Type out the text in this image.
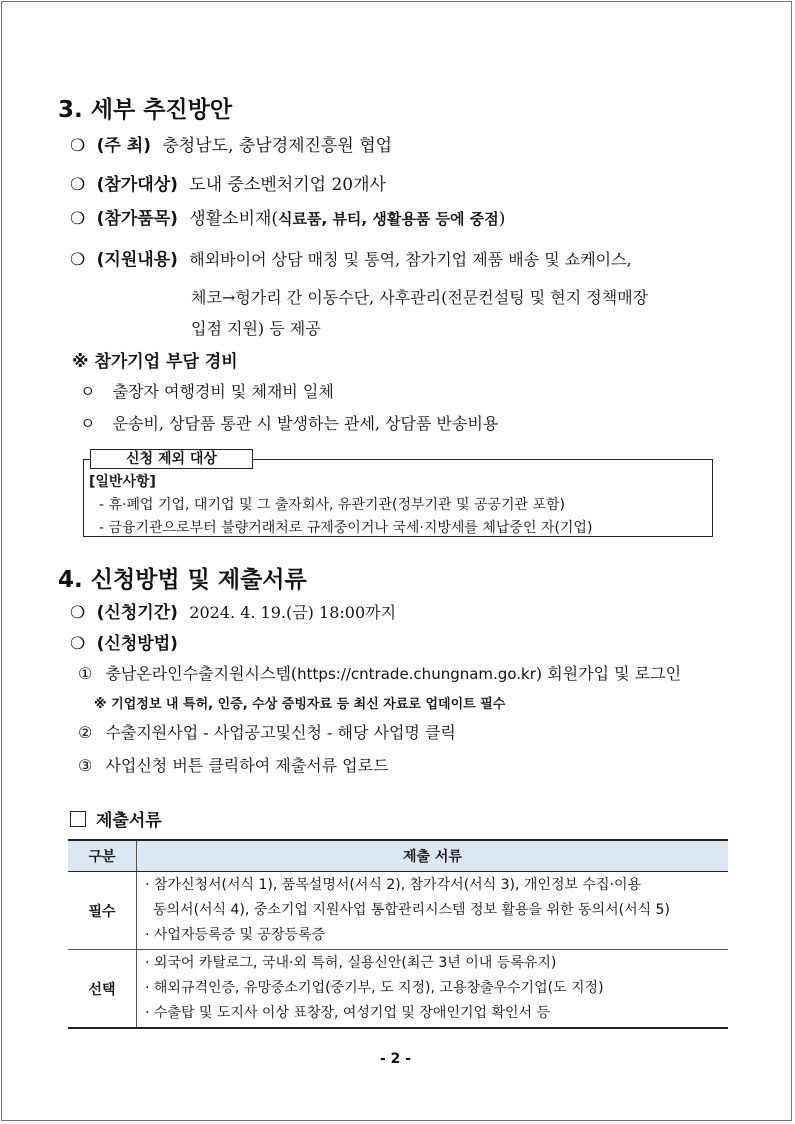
3. 세부 추진방안
❍ (주 최) 충청남도, 충남경제진흥원 협업
❍ (참가대상) 도내 중소벤처기업 20개사
❍ (참가품목) 생활소비재(식료품, 뷰티, 생활용품 등에 중점)
❍ (지원내용) 해외바이어 상담 매칭 및 통역, 참가기업 제품 배송 및 쇼케이스,
체코→헝가리 간 이동수단, 사후관리(전문컨설팅 및 현지 정책매장
입점 지원) 등 제공
※ 참가기업 부담 경비
ㅇ 출장자 여행경비 및 체재비 일체
ㅇ 운송비, 상담품 통관 시 발생하는 관세, 상담품 반송비용
신청 제외 대상
[일반사항]
- 휴·폐업 기업, 대기업 및 그 출자회사, 유관기관(정부기관 및 공공기관 포함)
- 금융기관으로부터 불량거래처로 규제중이거나 국세·지방세를 체납중인 자(기업)
4. 신청방법 및 제출서류
❍ (신청기간) 2024. 4. 19.(금) 18:00까지
❍ (신청방법)
① 충남온라인수출지원시스템(https://cntrade.chungnam.go.kr) 회원가입 및 로그인
※ 기업정보 내 특허, 인증, 수상 증빙자료 등 최신 자료로 업데이트 필수
② 수출지원사업 - 사업공고및신청 - 해당 사업명 클릭
③ 사업신청 버튼 클릭하여 제출서류 업로드
제출서류
구분	제출 서류
필수	· 참가신청서(서식 1), 품목설명서(서식 2), 참가각서(서식 3), 개인정보 수집·이용
동의서(서식 4), 중소기업 지원사업 통합관리시스템 정보 활용을 위한 동의서(서식 5)
· 사업자등록증 및 공장등록증

선택	· 외국어 카탈로그, 국내·외 특허, 실용신안(최근 3년 이내 등록유지)
· 해외규격인증, 유망중소기업(중기부, 도 지정), 고용창출우수기업(도 지정)
· 수출탑 및 도지사 이상 표창장, 여성기업 및 장애인기업 확인서 등
- 2 -
